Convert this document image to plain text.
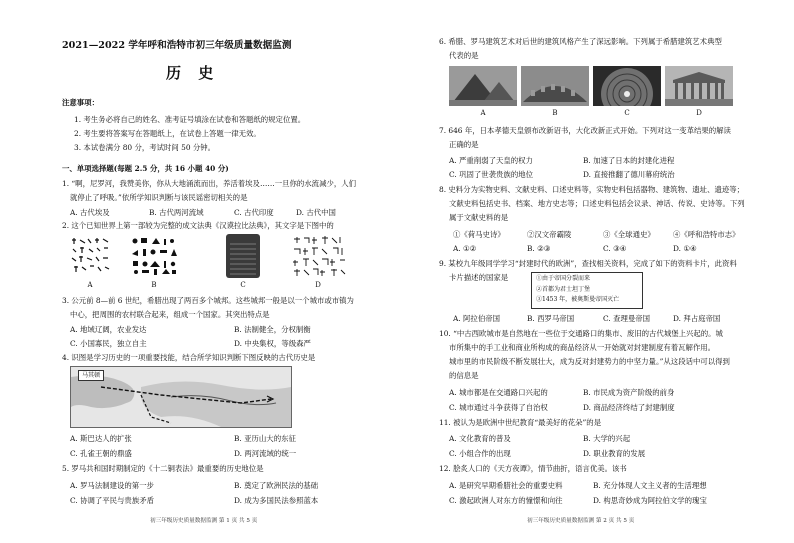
2021—2022 学年呼和浩特市初三年级质量数据监测
历 史
注意事项：
1. 考生务必将自己的姓名、准考证号填涂在试卷和答题纸的规定位置。
2. 考生要将答案写在答题纸上，在试卷上答题一律无效。
3. 本试卷满分 80 分，考试时间 50 分钟。
一、单项选择题(每题 2.5 分，共 16 小题 40 分)
1. “啊，尼罗河，我赞美你，你从大地涌流而出，养活着埃及……一旦你的水流减少，人们
就停止了呼吸。”依所学知识判断与该民谣密切相关的是
A. 古代埃及	B. 古代两河流域	C. 古代印度	D. 古代中国
2. 这个已知世界上第一部较为完整的成文法典《汉谟拉比法典》，其文字是下图中的
A	B	C	D
3. 公元前 8—前 6 世纪，希腊出现了两百多个城邦。这些城邦一般是以一个城市或市镇为
中心，把周围的农村联合起来，组成一个国家。其突出特点是
A. 地域辽阔，农业发达	B. 法制健全，分权制衡
C. 小国寡民，独立自主	D. 中央集权，等级森严
4. 识图是学习历史的一项重要技能，结合所学知识判断下图反映的古代历史是
马其顿
A. 斯巴达人的扩张	B. 亚历山大的东征
C. 孔雀王朝的鼎盛	D. 两河流域的统一
5. 罗马共和国时期制定的《十二铜表法》最重要的历史地位是
A. 罗马法制建设的第一步	B. 奠定了欧洲民法的基础
C. 协调了平民与贵族矛盾	D. 成为多国民法参照蓝本
初三年级历史质量数据监测 第 1 页 共 5 页
6. 希腊、罗马建筑艺术对后世的建筑风格产生了深远影响。下列属于希腊建筑艺术典型
代表的是
A	B	C	D
7. 646 年，日本孝德天皇颁布改新诏书，大化改新正式开始。下列对这一变革结果的解读
正确的是
A. 严重削弱了天皇的权力	B. 加速了日本的封建化进程
C. 巩固了世袭贵族的地位	D. 直接推翻了德川幕府统治
8. 史料分为实物史料、文献史料、口述史料等，实物史料包括器物、建筑物、遗址、遗迹等；
文献史料包括史书、档案、地方史志等；口述史料包括会议录、神话、传说、史诗等。下列
属于文献史料的是
①《荷马史诗》	②汉文帝霸陵	③《全球通史》 ④《呼和浩特市志》
A. ①②	B. ②③	C. ③④	D. ①④
9. 某校九年级同学学习“封建时代的欧洲”，查找相关资料，完成了如下的资料卡片，此资料
卡片描述的国家是	①由于帝国分裂而来
②首都为君士坦丁堡
③1453 年，被奥斯曼帝国灭亡
A. 阿拉伯帝国	B. 西罗马帝国	C. 查理曼帝国	D. 拜占庭帝国
10. “中古西欧城市是自然地在一些位于交通路口的集市、废旧的古代城堡上兴起的。城
市所集中的手工业和商业所构成的商品经济从一开始就对封建制度有着瓦解作用。
城市里的市民阶级不断发展壮大，成为反对封建势力的中坚力量。”从这段话中可以得到
的信息是
A. 城市都是在交通路口兴起的	B. 市民成为资产阶级的前身
C. 城市通过斗争获得了自治权	D. 商品经济终结了封建制度
11. 被认为是欧洲中世纪教育“最美好的花朵”的是
A. 文化教育的普及	B. 大学的兴起
C. 小组合作的出现	D. 职业教育的发展
12. 脍炙人口的《天方夜谭》，情节曲折，语言优美。该书
A. 是研究早期希腊社会的重要史料	B. 充分体现人文主义者的生活理想
C. 激起欧洲人对东方的憧憬和向往	D. 构思奇妙成为阿拉伯文学的瑰宝
初三年级历史质量数据监测 第 2 页 共 5 页
